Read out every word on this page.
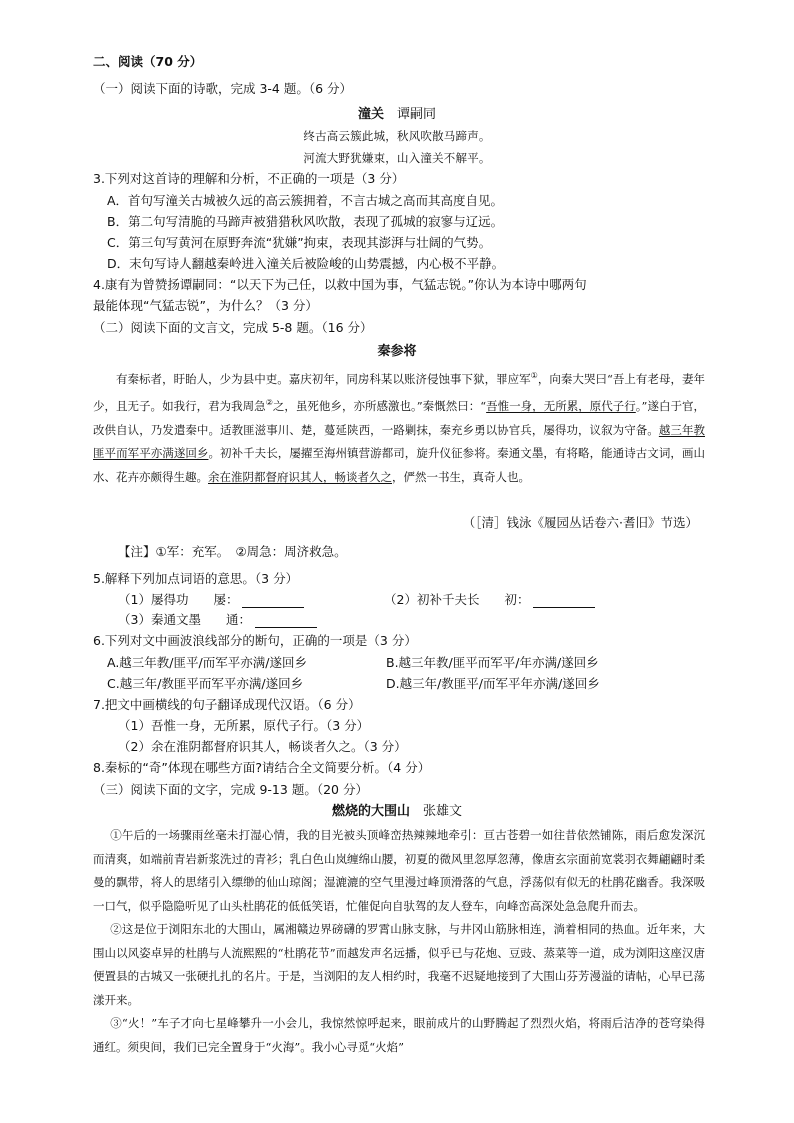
二、阅读（70 分）
（一）阅读下面的诗歌，完成 3-4 题。（6 分）
潼关　 谭嗣同
终古高云簇此城，秋风吹散马蹄声。
河流大野犹嫌束，山入潼关不解平。
3.下列对这首诗的理解和分析，不正确的一项是（3 分）
A．首句写潼关古城被久远的高云簇拥着，不言古城之高而其高度自见。
B．第二句写清脆的马蹄声被猎猎秋风吹散，表现了孤城的寂寥与辽远。
C．第三句写黄河在原野奔流“犹嫌”拘束，表现其澎湃与壮阔的气势。
D．末句写诗人翻越秦岭进入潼关后被险峻的山势震撼，内心极不平静。
4.康有为曾赞扬谭嗣同：“以天下为己任，以救中国为事，气猛志锐。”你认为本诗中哪两句
最能体现“气猛志锐”，为什么？（3 分）
（二）阅读下面的文言文，完成 5-8 题。（16 分）
秦参将

有秦标者，盱眙人，少为县中吏。嘉庆初年，同房科某以账济侵蚀事下狱，罪应军①，向秦大哭曰“吾上有老母，妻年少，且无子。如我行，君为我周急②之，虽死他乡，亦所感激也。”秦慨然曰：“吾惟一身，无所累，原代子行。”遂白于官，改供自认，乃发遣秦中。适教匪滋事川、楚，蔓延陕西，一路剿抹，秦充乡勇以协官兵，屡得功，议叙为守备。越三年教匪平而军平亦满遂回乡。初补千夫长，屡擢至海州镇营游都司，旋升仪征参将。秦通文墨，有将略，能通诗古文词，画山水、花卉亦颇得生趣。余在淮阴都督府识其人，畅谈者久之，俨然一书生，真奇人也。

（［清］钱泳《履园丛话卷六·耆旧》节选）
【注】①军：充军。　②周急：周济救急。
5.解释下列加点词语的意思。（3 分）
（1）屡得功　　屡：	（2）初补千夫长　　初：
（3）秦通文墨　　通：
6.下列对文中画波浪线部分的断句，正确的一项是（3 分）
A.越三年教/匪平/而军平亦满/遂回乡	B.越三年教/匪平而军平/年亦满/遂回乡
C.越三年/教匪平而军平亦满/遂回乡	D.越三年/教匪平/而军平年亦满/遂回乡
7.把文中画横线的句子翻译成现代汉语。（6 分）
（1）吾惟一身，无所累，原代子行。（3 分）
（2）余在淮阴都督府识其人，畅谈者久之。（3 分）
8.秦标的“奇”体现在哪些方面?请结合全文简要分析。（4 分）
（三）阅读下面的文字，完成 9-13 题。（20 分）
燃烧的大围山　 张雄文

①午后的一场骤雨丝毫未打湿心情，我的目光被头顶峰峦热辣辣地牵引：亘古苍碧一如往昔依然铺陈，雨后愈发深沉而清爽，如端前青岩新浆洗过的青衫；乳白色山岚缠绵山腰，初夏的微风里忽厚忽薄，像唐玄宗面前宽裳羽衣舞翩翩时柔曼的飘带，将人的思绪引入缥缈的仙山琼阁；湿漉漉的空气里漫过峰顶滑落的气息，浮荡似有似无的杜鹃花幽香。我深吸一口气，似乎隐隐听见了山头杜鹃花的低低笑语，忙催促向自驮驾的友人登车，向峰峦高深处急急爬升而去。

②这是位于浏阳东北的大围山，属湘赣边界磅礴的罗霄山脉支脉，与井冈山筋脉相连，淌着相同的热血。近年来，大围山以风姿卓异的杜鹃与人流熙熙的“杜鹃花节”而越发声名远播，似乎已与花炮、豆豉、蒸菜等一道，成为浏阳这座汉唐便置县的古城又一张硬扎扎的名片。于是，当浏阳的友人相约时，我毫不迟疑地接到了大围山芬芳漫溢的请帖，心早已荡漾开来。

③“火！”车子才向七星峰攀升一小会儿，我惊然惊呼起来，眼前成片的山野腾起了烈烈火焰，将雨后洁净的苍穹染得通红。须臾间，我们已完全置身于“火海”。我小心寻觅“火焰”
